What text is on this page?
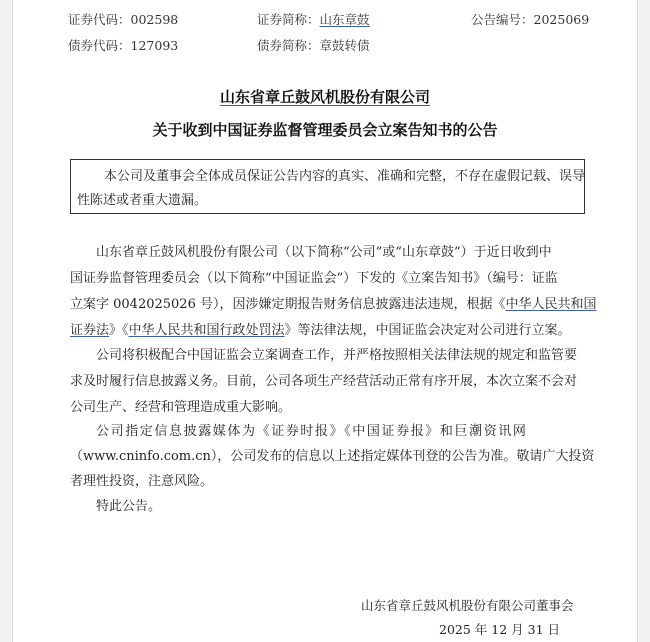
证券代码：002598	证券简称：山东章鼓	公告编号：2025069
债券代码：127093	债券简称：章鼓转债
山东省章丘鼓风机股份有限公司
关于收到中国证券监督管理委员会立案告知书的公告
本公司及董事会全体成员保证公告内容的真实、准确和完整，不存在虚假记载、误导
性陈述或者重大遗漏。
山东省章丘鼓风机股份有限公司（以下简称“公司”或“山东章鼓”）于近日收到中
国证券监督管理委员会（以下简称“中国证监会”）下发的《立案告知书》（编号：证监
立案字 0042025026 号），因涉嫌定期报告财务信息披露违法违规，根据《中华人民共和国
证券法》《中华人民共和国行政处罚法》等法律法规，中国证监会决定对公司进行立案。
公司将积极配合中国证监会立案调查工作，并严格按照相关法律法规的规定和监管要
求及时履行信息披露义务。目前，公司各项生产经营活动正常有序开展，本次立案不会对
公司生产、经营和管理造成重大影响。
公司指定信息披露媒体为《证券时报》《中国证券报》和巨潮资讯网
（www.cninfo.com.cn），公司发布的信息以上述指定媒体刊登的公告为准。敬请广大投资
者理性投资，注意风险。
特此公告。
山东省章丘鼓风机股份有限公司董事会
2025 年 12 月 31 日
